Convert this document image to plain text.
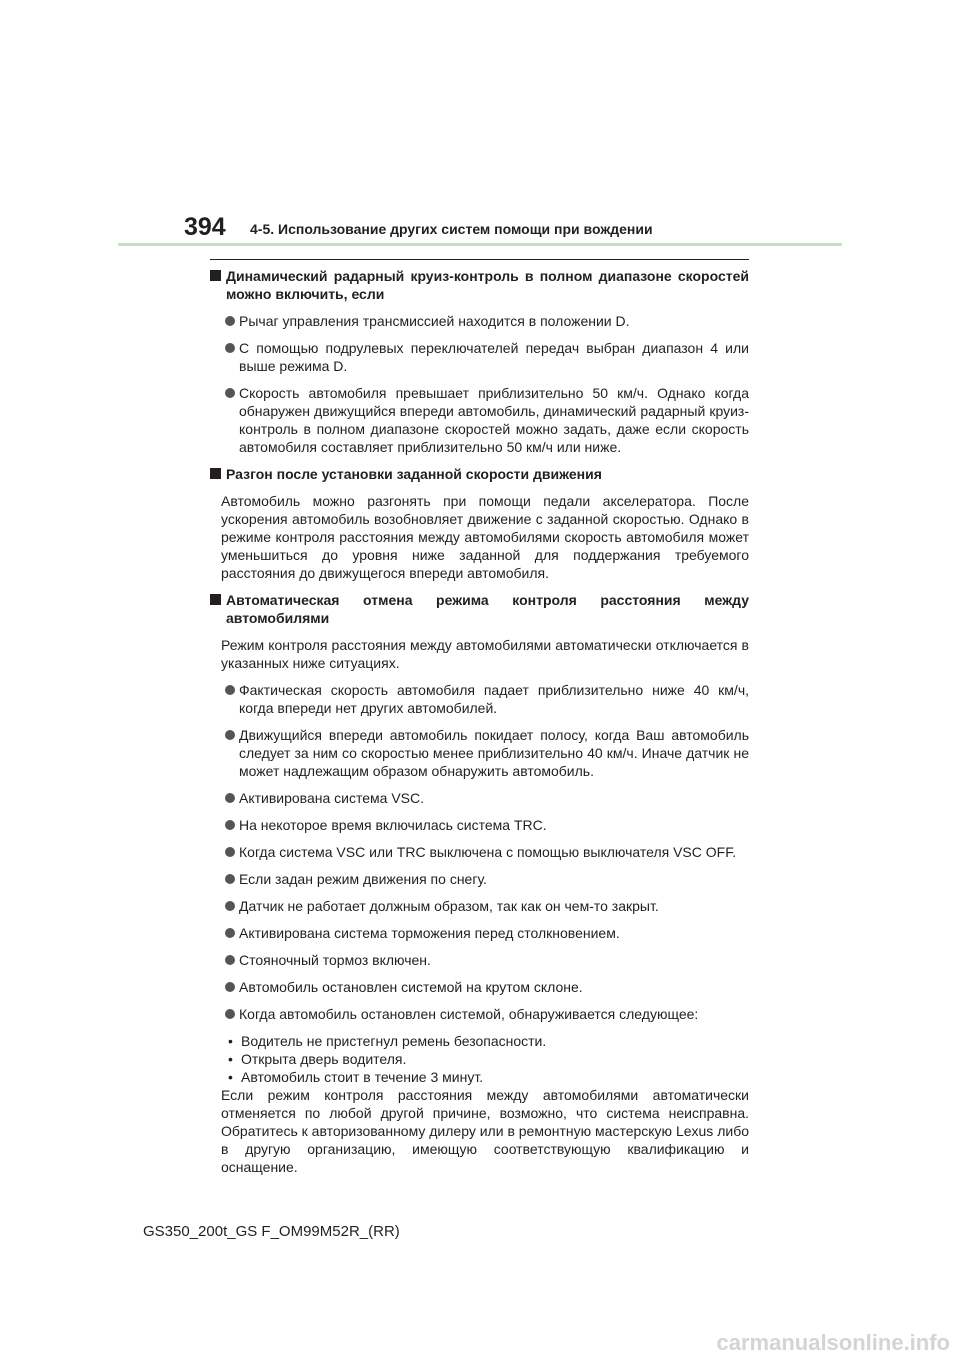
394 4-5. Использование других систем помощи при вождении
Динамический радарный круиз-контроль в полном диапазоне скоростей можно включить, если
Рычаг управления трансмиссией находится в положении D.
С помощью подрулевых переключателей передач выбран диапазон 4 или выше режима D.
Скорость автомобиля превышает приблизительно 50 км/ч. Однако когда обнаружен движущийся впереди автомобиль, динамический радарный круиз-контроль в полном диапазоне скоростей можно задать, даже если скорость автомобиля составляет приблизительно 50 км/ч или ниже.
Разгон после установки заданной скорости движения
Автомобиль можно разгонять при помощи педали акселератора. После ускорения автомобиль возобновляет движение с заданной скоростью. Однако в режиме контроля расстояния между автомобилями скорость автомобиля может уменьшиться до уровня ниже заданной для поддержания требуемого расстояния до движущегося впереди автомобиля.
Автоматическая отмена режима контроля расстояния между автомобилями
Режим контроля расстояния между автомобилями автоматически отключается в указанных ниже ситуациях.
Фактическая скорость автомобиля падает приблизительно ниже 40 км/ч, когда впереди нет других автомобилей.
Движущийся впереди автомобиль покидает полосу, когда Ваш автомобиль следует за ним со скоростью менее приблизительно 40 км/ч. Иначе датчик не может надлежащим образом обнаружить автомобиль.
Активирована система VSC.
На некоторое время включилась система TRC.
Когда система VSC или TRC выключена с помощью выключателя VSC OFF.
Если задан режим движения по снегу.
Датчик не работает должным образом, так как он чем-то закрыт.
Активирована система торможения перед столкновением.
Стояночный тормоз включен.
Автомобиль остановлен системой на крутом склоне.
Когда автомобиль остановлен системой, обнаруживается следующее:
• Водитель не пристегнул ремень безопасности.
• Открыта дверь водителя.
• Автомобиль стоит в течение 3 минут.
Если режим контроля расстояния между автомобилями автоматически отменяется по любой другой причине, возможно, что система неисправна. Обратитесь к авторизованному дилеру или в ремонтную мастерскую Lexus либо в другую организацию, имеющую соответствующую квалификацию и оснащение.
GS350_200t_GS F_OM99M52R_(RR)
carmanualsonline.info
